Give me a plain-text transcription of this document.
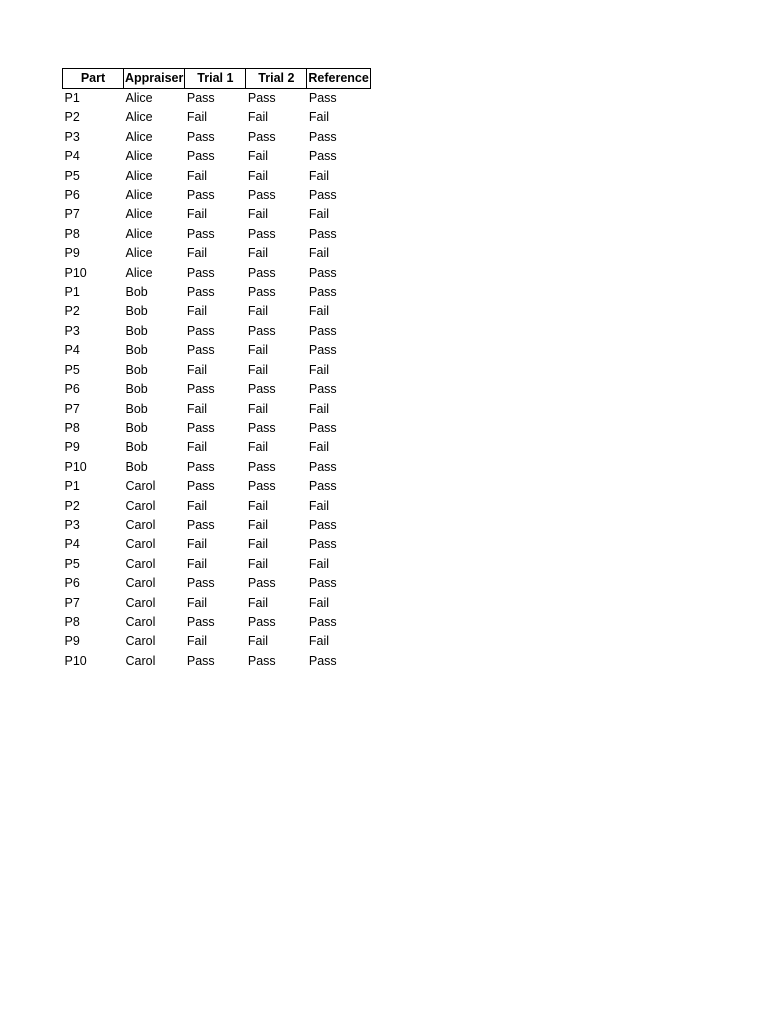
Part	Appraiser	Trial 1	Trial 2	Reference
P1	Alice	Pass	Pass	Pass
P2	Alice	Fail	Fail	Fail
P3	Alice	Pass	Pass	Pass
P4	Alice	Pass	Fail	Pass
P5	Alice	Fail	Fail	Fail
P6	Alice	Pass	Pass	Pass
P7	Alice	Fail	Fail	Fail
P8	Alice	Pass	Pass	Pass
P9	Alice	Fail	Fail	Fail
P10	Alice	Pass	Pass	Pass
P1	Bob	Pass	Pass	Pass
P2	Bob	Fail	Fail	Fail
P3	Bob	Pass	Pass	Pass
P4	Bob	Pass	Fail	Pass
P5	Bob	Fail	Fail	Fail
P6	Bob	Pass	Pass	Pass
P7	Bob	Fail	Fail	Fail
P8	Bob	Pass	Pass	Pass
P9	Bob	Fail	Fail	Fail
P10	Bob	Pass	Pass	Pass
P1	Carol	Pass	Pass	Pass
P2	Carol	Fail	Fail	Fail
P3	Carol	Pass	Fail	Pass
P4	Carol	Fail	Fail	Pass
P5	Carol	Fail	Fail	Fail
P6	Carol	Pass	Pass	Pass
P7	Carol	Fail	Fail	Fail
P8	Carol	Pass	Pass	Pass
P9	Carol	Fail	Fail	Fail
P10	Carol	Pass	Pass	Pass
